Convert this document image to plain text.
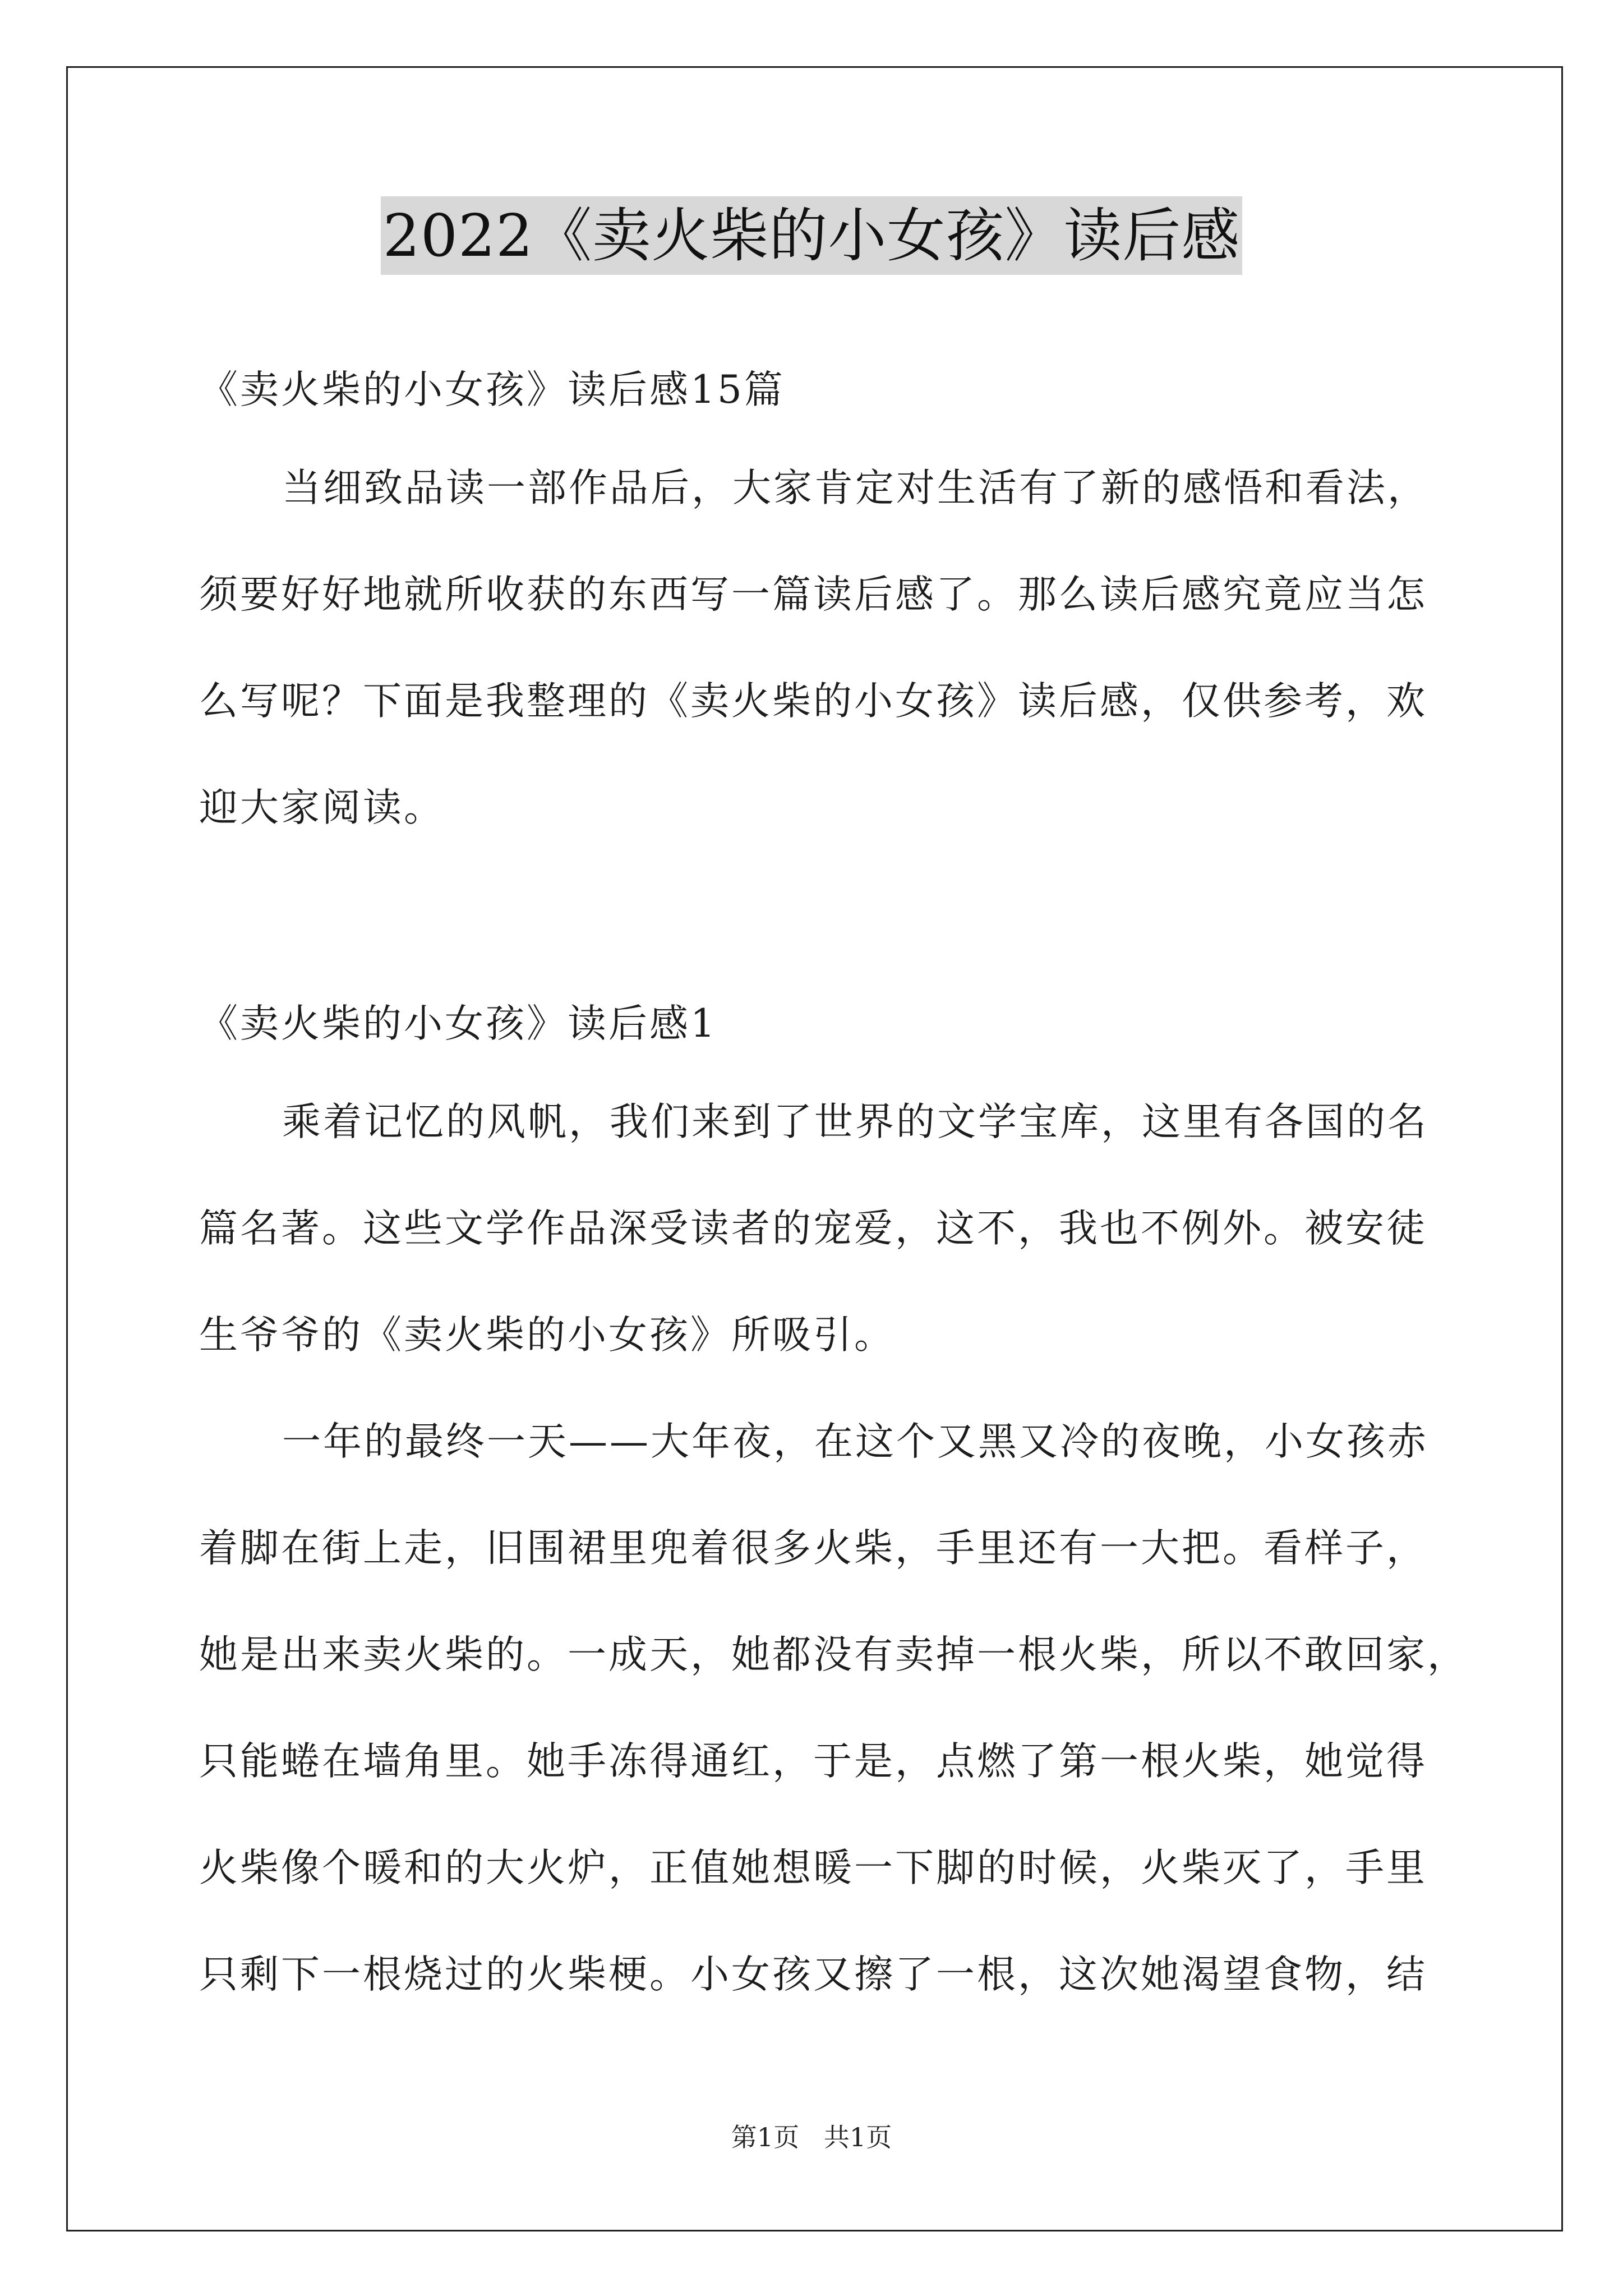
2022《卖火柴的小女孩》读后感
《卖火柴的小女孩》读后感15篇
当细致品读一部作品后，大家肯定对生活有了新的感悟和看法，
须要好好地就所收获的东西写一篇读后感了。那么读后感究竟应当怎
么写呢？下面是我整理的《卖火柴的小女孩》读后感，仅供参考，欢
迎大家阅读。
《卖火柴的小女孩》读后感1
乘着记忆的风帆，我们来到了世界的文学宝库，这里有各国的名
篇名著。这些文学作品深受读者的宠爱，这不，我也不例外。被安徒
生爷爷的《卖火柴的小女孩》所吸引。
一年的最终一天——大年夜，在这个又黑又冷的夜晚，小女孩赤
着脚在街上走，旧围裙里兜着很多火柴，手里还有一大把。看样子，
她是出来卖火柴的。一成天，她都没有卖掉一根火柴，所以不敢回家，
只能蜷在墙角里。她手冻得通红，于是，点燃了第一根火柴，她觉得
火柴像个暖和的大火炉，正值她想暖一下脚的时候，火柴灭了，手里
只剩下一根烧过的火柴梗。小女孩又擦了一根，这次她渴望食物，结
第1页   共1页
